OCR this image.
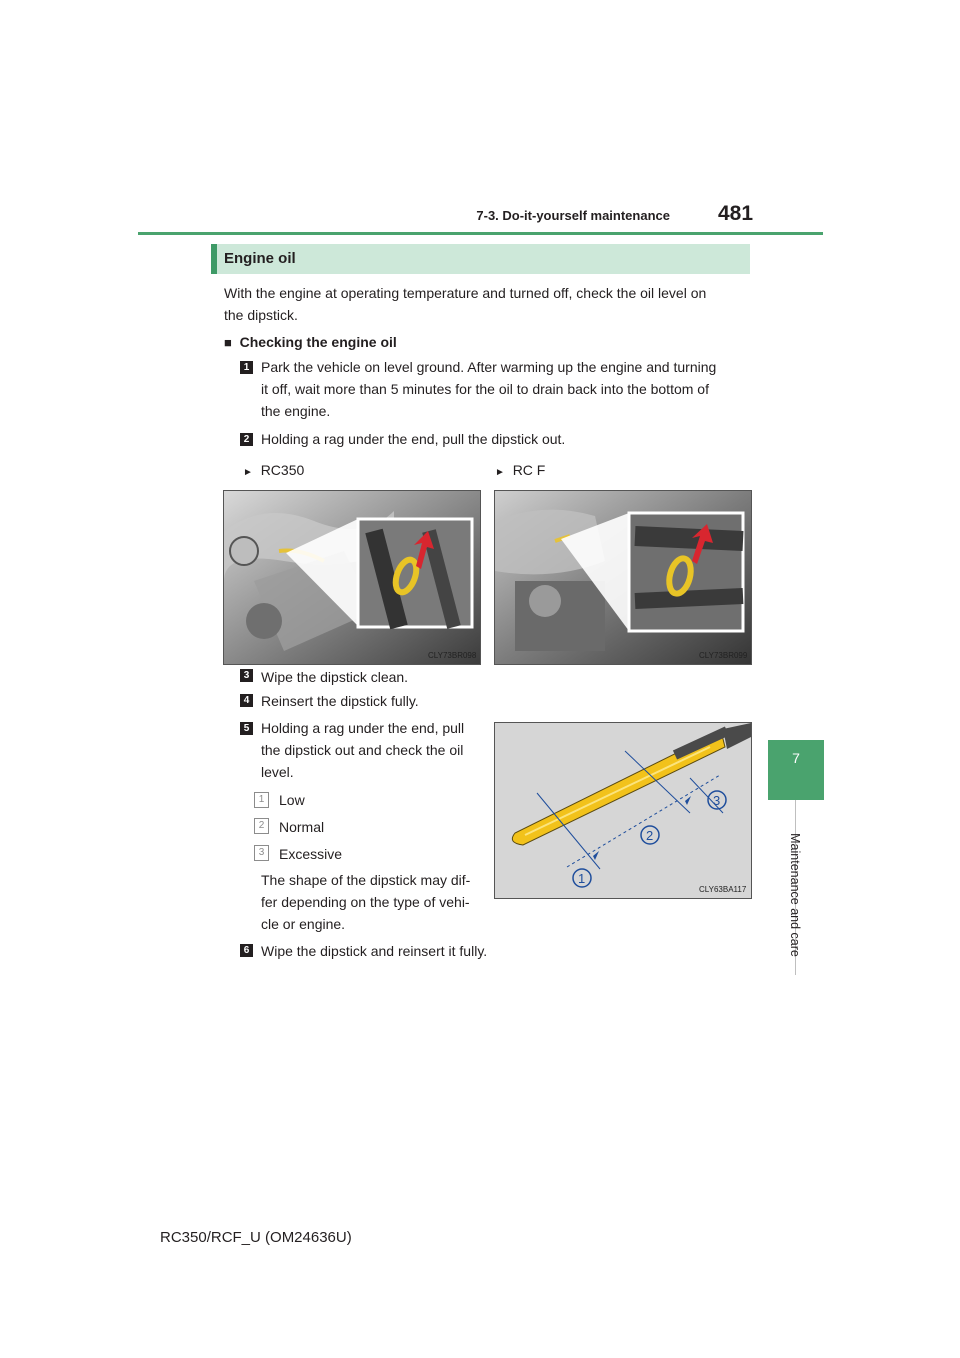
7-3. Do-it-yourself maintenance 481
7
Maintenance and care
Engine oil
With the engine at operating temperature and turned off, check the oil level on
the dipstick.
■ Checking the engine oil
1 Park the vehicle on level ground. After warming up the engine and turning
it off, wait more than 5 minutes for the oil to drain back into the bottom of
the engine.
2 Holding a rag under the end, pull the dipstick out.
► RC350	► RC F
CLY73BR098	CLY73BR099
3 Wipe the dipstick clean.
4 Reinsert the dipstick fully.
5 Holding a rag under the end, pull
the dipstick out and check the oil
level.
1	Low
2	Normal
3	Excessive
The shape of the dipstick may dif-
fer depending on the type of vehi-
cle or engine.
1
2
3
CLY63BA117
6 Wipe the dipstick and reinsert it fully.
RC350/RCF_U (OM24636U)
